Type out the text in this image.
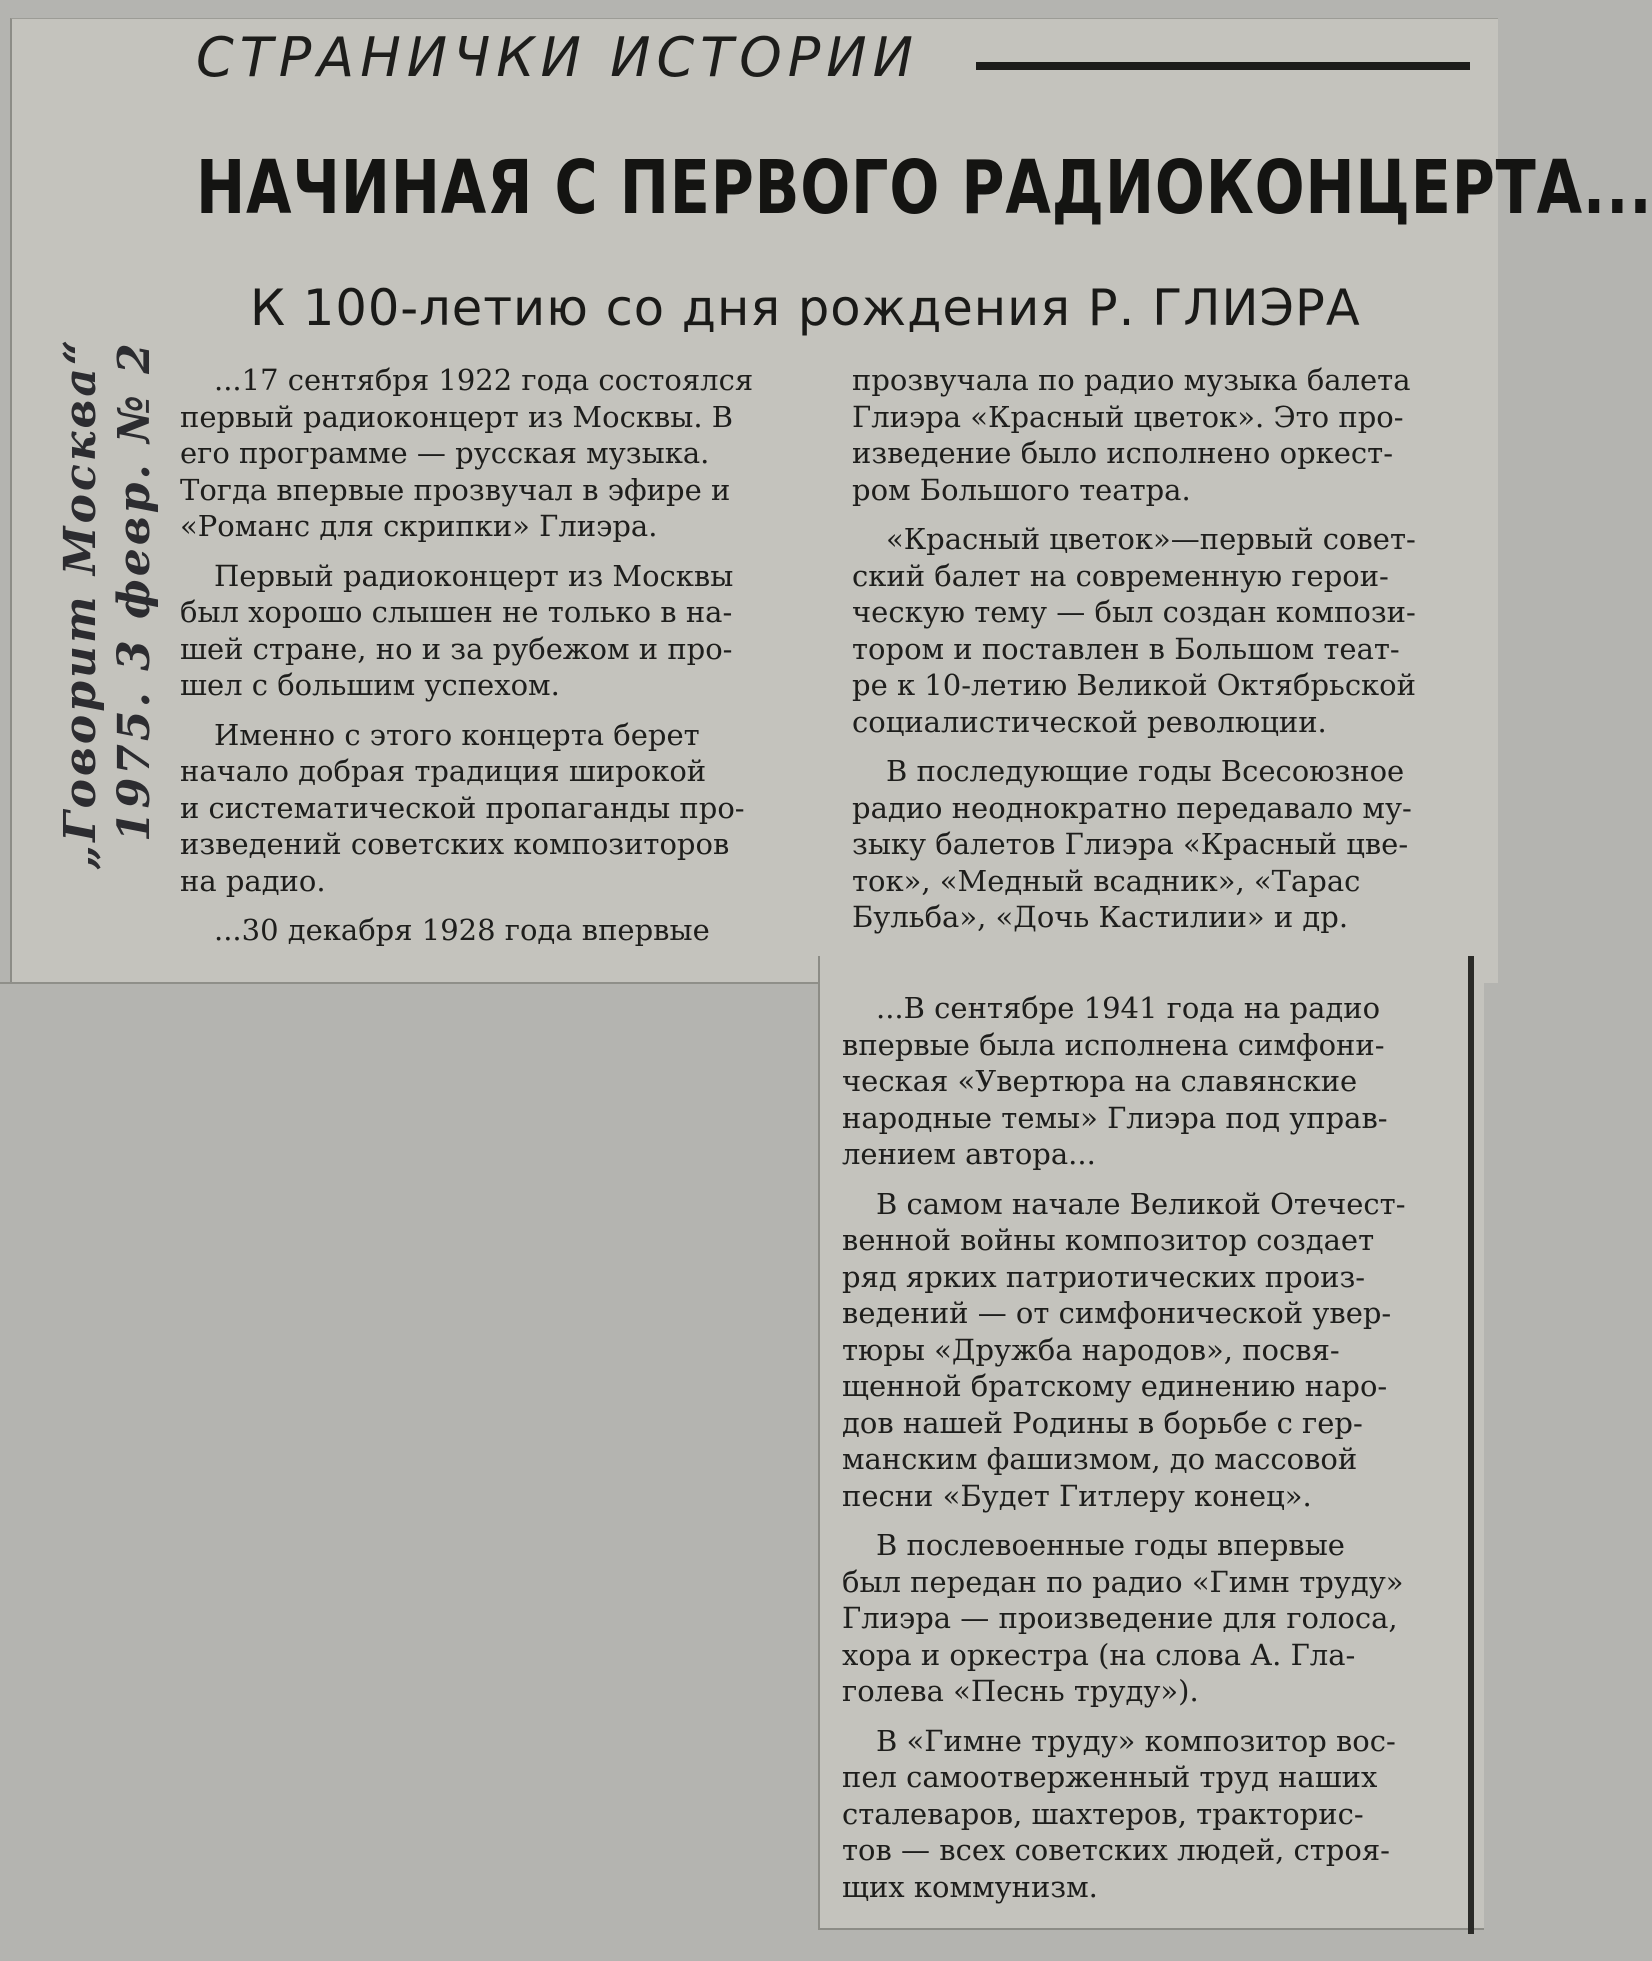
СТРАНИЧКИ ИСТОРИИ
НАЧИНАЯ С ПЕРВОГО РАДИОКОНЦЕРТА...
К 100-летию со дня рождения Р. ГЛИЭРА
„Говорит Москва“ 1975. 3 февр. № 2	...17 сентября 1922 года состоялся
первый радиоконцерт из Москвы. В
его программе — русская музыка.
Тогда впервые прозвучал в эфире и
«Романс для скрипки» Глиэра.

Первый радиоконцерт из Москвы
был хорошо слышен не только в на-
шей стране, но и за рубежом и про-
шел с большим успехом.

Именно с этого концерта берет
начало добрая традиция широкой
и систематической пропаганды про-
изведений советских композиторов
на радио.

...30 декабря 1928 года впервые

прозвучала по радио музыка балета
Глиэра «Красный цветок». Это про-
изведение было исполнено оркест-
ром Большого театра.

«Красный цветок»—первый совет-
ский балет на современную герои-
ческую тему — был создан компози-
тором и поставлен в Большом теат-
ре к 10-летию Великой Октябрьской
социалистической революции.

В последующие годы Всесоюзное
радио неоднократно передавало му-
зыку балетов Глиэра «Красный цве-
ток», «Медный всадник», «Тарас
Бульба», «Дочь Кастилии» и др.

...В сентябре 1941 года на радио
впервые была исполнена симфони-
ческая «Увертюра на славянские
народные темы» Глиэра под управ-
лением автора...

В самом начале Великой Отечест-
венной войны композитор создает
ряд ярких патриотических произ-
ведений — от симфонической увер-
тюры «Дружба народов», посвя-
щенной братскому единению наро-
дов нашей Родины в борьбе с гер-
манским фашизмом, до массовой
песни «Будет Гитлеру конец».

В послевоенные годы впервые
был передан по радио «Гимн труду»
Глиэра — произведение для голоса,
хора и оркестра (на слова А. Гла-
голева «Песнь труду»).

В «Гимне труду» композитор вос-
пел самоотверженный труд наших
сталеваров, шахтеров, тракторис-
тов — всех советских людей, строя-
щих коммунизм.
